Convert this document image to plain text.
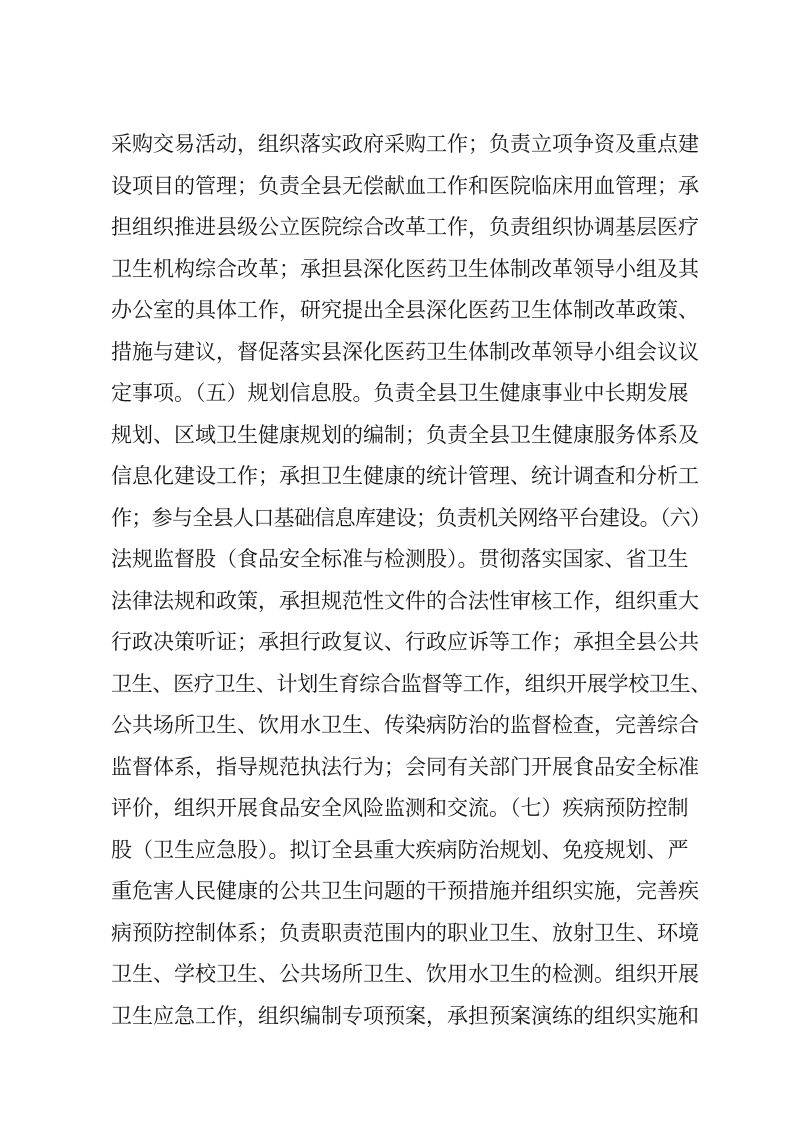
采购交易活动，组织落实政府采购工作；负责立项争资及重点建
设项目的管理；负责全县无偿献血工作和医院临床用血管理；承
担组织推进县级公立医院综合改革工作，负责组织协调基层医疗
卫生机构综合改革；承担县深化医药卫生体制改革领导小组及其
办公室的具体工作，研究提出全县深化医药卫生体制改革政策、
措施与建议，督促落实县深化医药卫生体制改革领导小组会议议
定事项。（五）规划信息股。负责全县卫生健康事业中长期发展
规划、区域卫生健康规划的编制；负责全县卫生健康服务体系及
信息化建设工作；承担卫生健康的统计管理、统计调查和分析工
作；参与全县人口基础信息库建设；负责机关网络平台建设。（六）
法规监督股（食品安全标准与检测股）。贯彻落实国家、省卫生
法律法规和政策，承担规范性文件的合法性审核工作，组织重大
行政决策听证；承担行政复议、行政应诉等工作；承担全县公共
卫生、医疗卫生、计划生育综合监督等工作，组织开展学校卫生、
公共场所卫生、饮用水卫生、传染病防治的监督检查，完善综合
监督体系，指导规范执法行为；会同有关部门开展食品安全标准
评价，组织开展食品安全风险监测和交流。（七）疾病预防控制
股（卫生应急股）。拟订全县重大疾病防治规划、免疫规划、严
重危害人民健康的公共卫生问题的干预措施并组织实施，完善疾
病预防控制体系；负责职责范围内的职业卫生、放射卫生、环境
卫生、学校卫生、公共场所卫生、饮用水卫生的检测。组织开展
卫生应急工作，组织编制专项预案，承担预案演练的组织实施和
